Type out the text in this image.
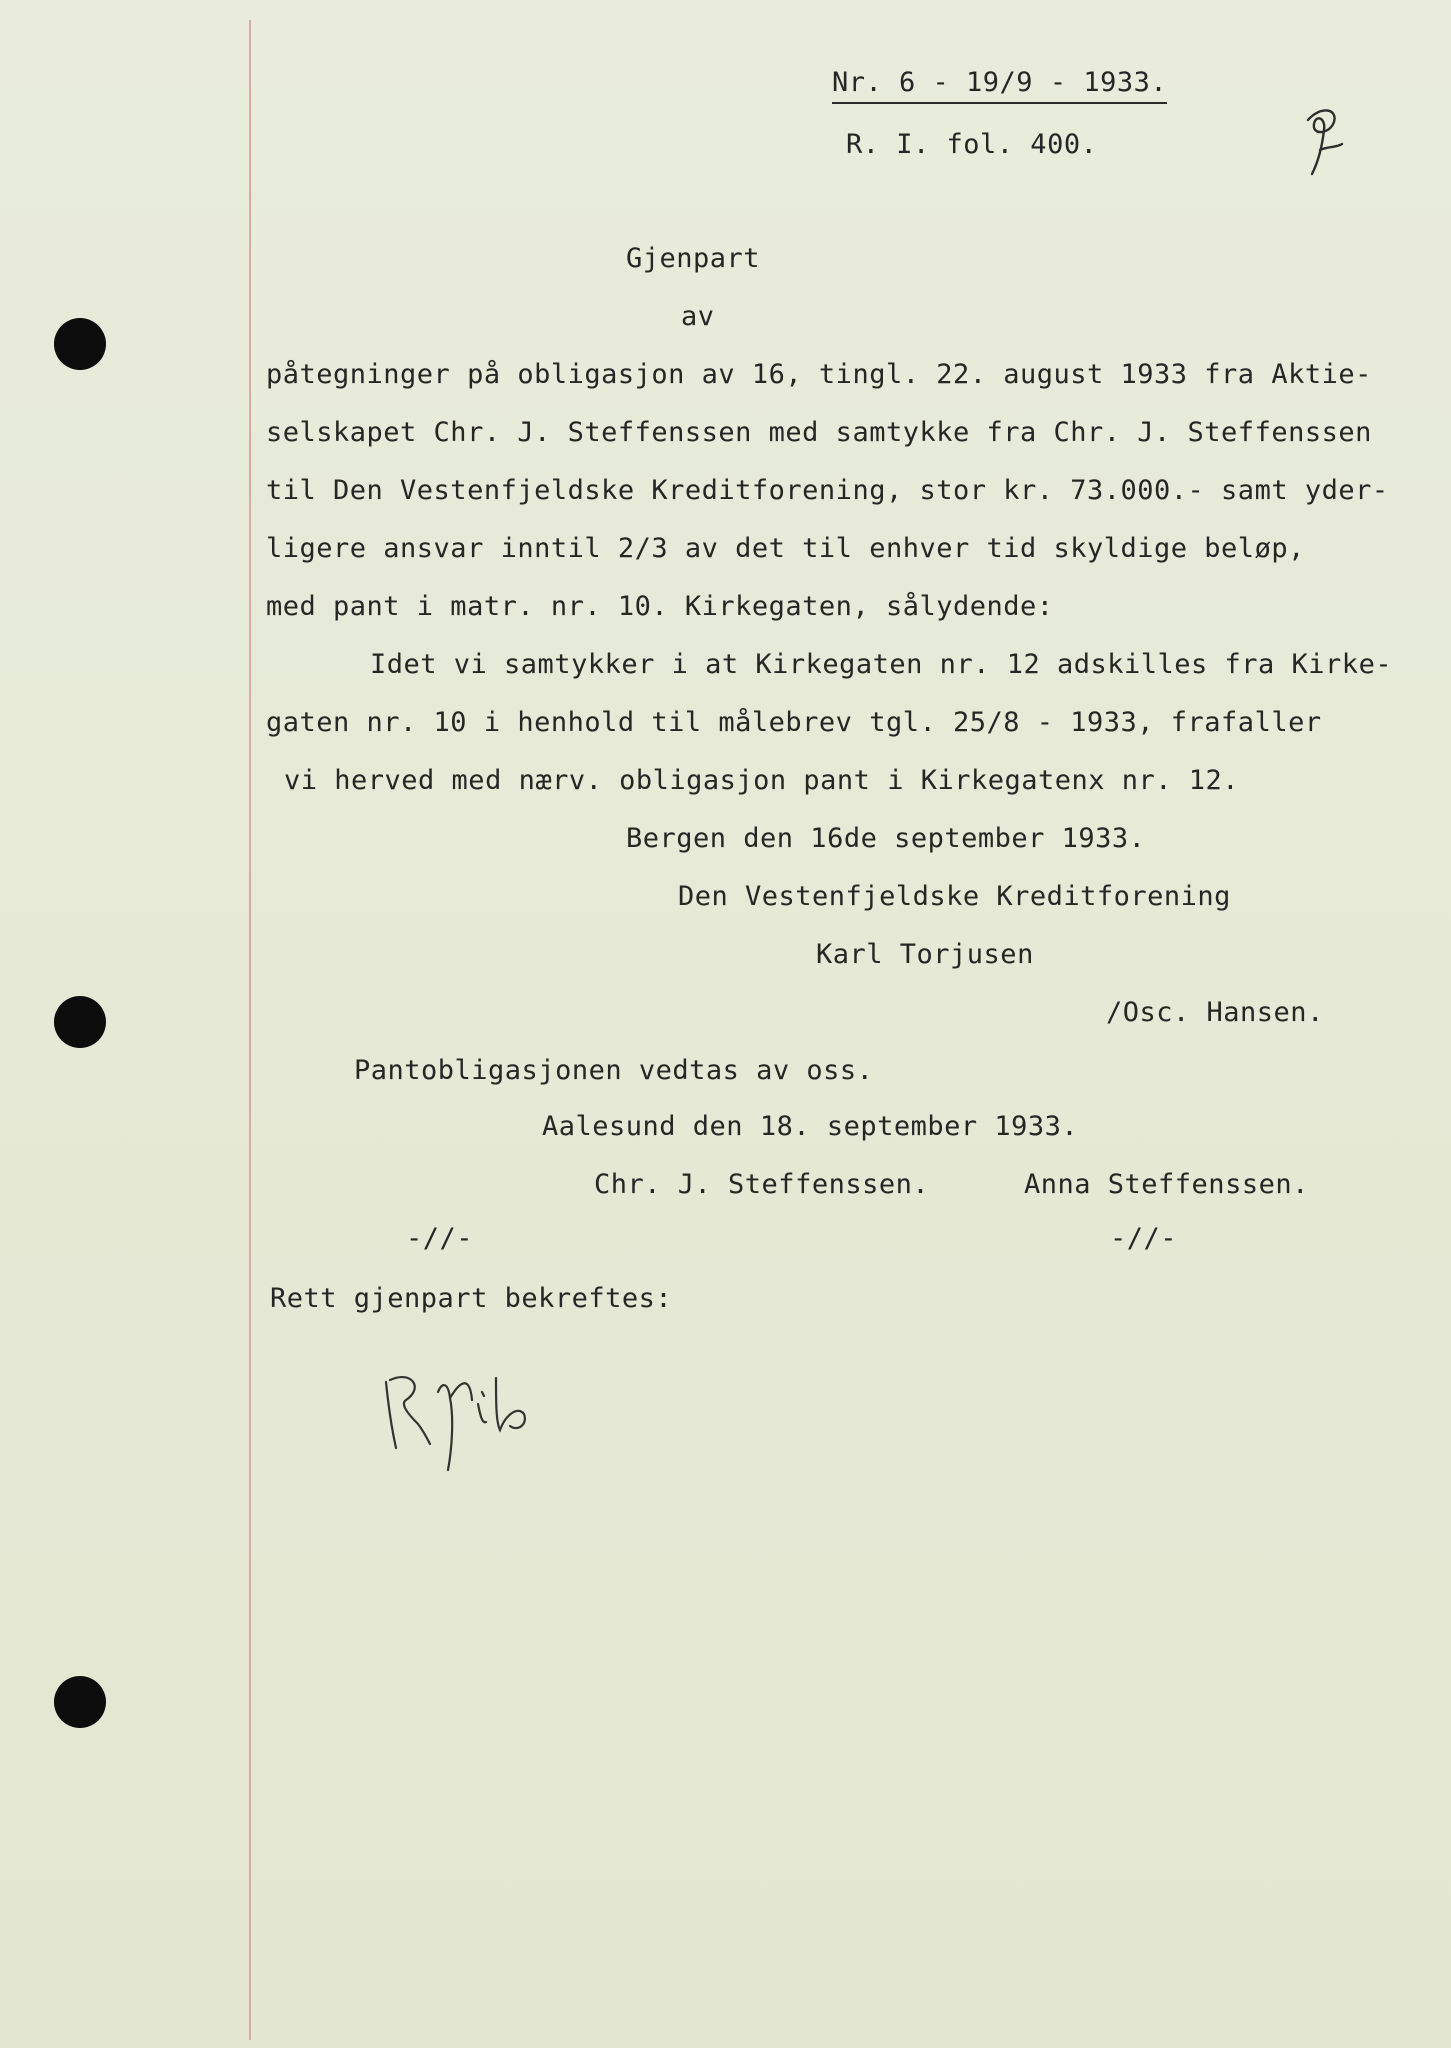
Nr. 6 - 19/9 - 1933.
R. I. fol. 400.
Gjenpart
av
påtegninger på obligasjon av 16, tingl. 22. august 1933 fra Aktie-
selskapet Chr. J. Steffenssen med samtykke fra Chr. J. Steffenssen
til Den Vestenfjeldske Kreditforening, stor kr. 73.000.- samt yder-
ligere ansvar inntil 2/3 av det til enhver tid skyldige beløp,
med pant i matr. nr. 10. Kirkegaten, sålydende:
Idet vi samtykker i at Kirkegaten nr. 12 adskilles fra Kirke-
gaten nr. 10 i henhold til målebrev tgl. 25/8 - 1933, frafaller
vi herved med nærv. obligasjon pant i Kirkegatenx nr. 12.
Bergen den 16de september 1933.
Den Vestenfjeldske Kreditforening
Karl Torjusen
/Osc. Hansen.
Pantobligasjonen vedtas av oss.
Aalesund den 18. september 1933.
Chr. J. Steffenssen.	Anna Steffenssen.
-//-	-//-
Rett gjenpart bekreftes:
